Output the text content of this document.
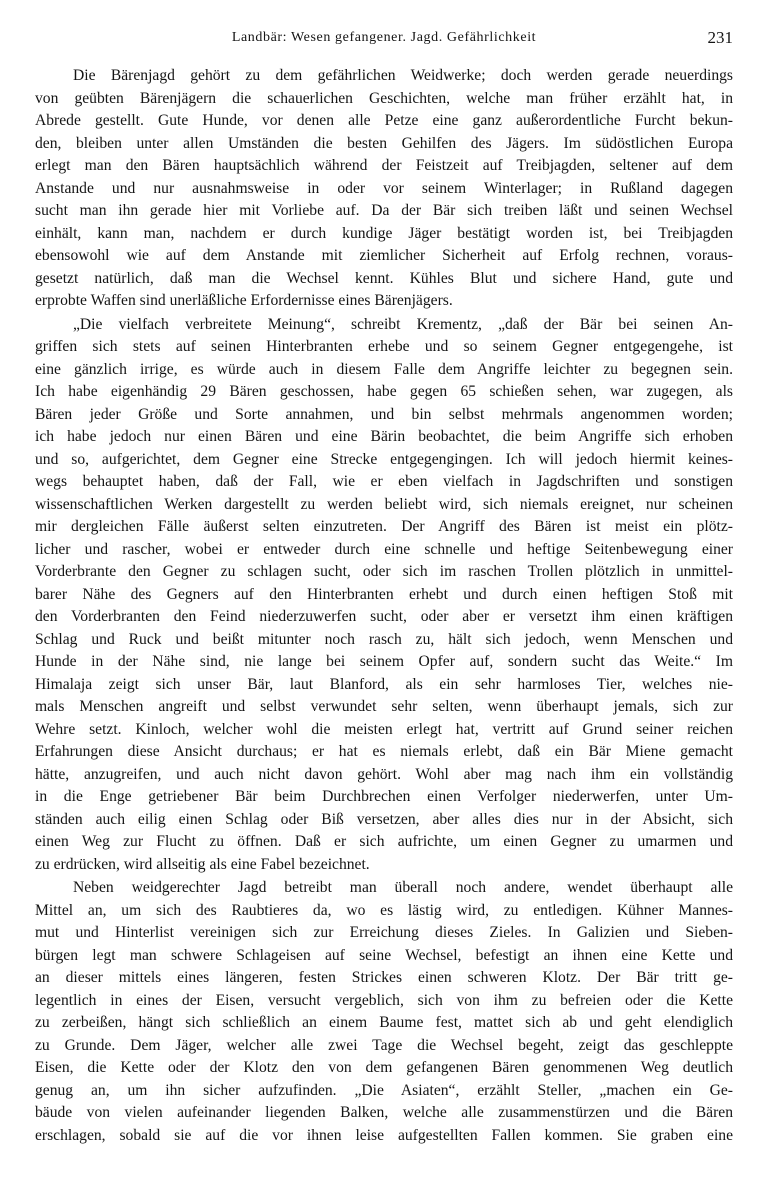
Landbär: Wesen gefangener. Jagd. Gefährlichkeit	231
Die Bärenjagd gehört zu dem gefährlichen Weidwerke; doch werden gerade neuerdings
von geübten Bärenjägern die schauerlichen Geschichten, welche man früher erzählt hat, in
Abrede gestellt. Gute Hunde, vor denen alle Petze eine ganz außerordentliche Furcht bekun-
den, bleiben unter allen Umständen die besten Gehilfen des Jägers. Im südöstlichen Europa
erlegt man den Bären hauptsächlich während der Feistzeit auf Treibjagden, seltener auf dem
Anstande und nur ausnahmsweise in oder vor seinem Winterlager; in Rußland dagegen
sucht man ihn gerade hier mit Vorliebe auf. Da der Bär sich treiben läßt und seinen Wechsel
einhält, kann man, nachdem er durch kundige Jäger bestätigt worden ist, bei Treibjagden
ebensowohl wie auf dem Anstande mit ziemlicher Sicherheit auf Erfolg rechnen, voraus-
gesetzt natürlich, daß man die Wechsel kennt. Kühles Blut und sichere Hand, gute und
erprobte Waffen sind unerläßliche Erfordernisse eines Bärenjägers.
„Die vielfach verbreitete Meinung“, schreibt Krementz, „daß der Bär bei seinen An-
griffen sich stets auf seinen Hinterbranten erhebe und so seinem Gegner entgegengehe, ist
eine gänzlich irrige, es würde auch in diesem Falle dem Angriffe leichter zu begegnen sein.
Ich habe eigenhändig 29 Bären geschossen, habe gegen 65 schießen sehen, war zugegen, als
Bären jeder Größe und Sorte annahmen, und bin selbst mehrmals angenommen worden;
ich habe jedoch nur einen Bären und eine Bärin beobachtet, die beim Angriffe sich erhoben
und so, aufgerichtet, dem Gegner eine Strecke entgegengingen. Ich will jedoch hiermit keines-
wegs behauptet haben, daß der Fall, wie er eben vielfach in Jagdschriften und sonstigen
wissenschaftlichen Werken dargestellt zu werden beliebt wird, sich niemals ereignet, nur scheinen
mir dergleichen Fälle äußerst selten einzutreten. Der Angriff des Bären ist meist ein plötz-
licher und rascher, wobei er entweder durch eine schnelle und heftige Seitenbewegung einer
Vorderbrante den Gegner zu schlagen sucht, oder sich im raschen Trollen plötzlich in unmittel-
barer Nähe des Gegners auf den Hinterbranten erhebt und durch einen heftigen Stoß mit
den Vorderbranten den Feind niederzuwerfen sucht, oder aber er versetzt ihm einen kräftigen
Schlag und Ruck und beißt mitunter noch rasch zu, hält sich jedoch, wenn Menschen und
Hunde in der Nähe sind, nie lange bei seinem Opfer auf, sondern sucht das Weite.“ Im
Himalaja zeigt sich unser Bär, laut Blanford, als ein sehr harmloses Tier, welches nie-
mals Menschen angreift und selbst verwundet sehr selten, wenn überhaupt jemals, sich zur
Wehre setzt. Kinloch, welcher wohl die meisten erlegt hat, vertritt auf Grund seiner reichen
Erfahrungen diese Ansicht durchaus; er hat es niemals erlebt, daß ein Bär Miene gemacht
hätte, anzugreifen, und auch nicht davon gehört. Wohl aber mag nach ihm ein vollständig
in die Enge getriebener Bär beim Durchbrechen einen Verfolger niederwerfen, unter Um-
ständen auch eilig einen Schlag oder Biß versetzen, aber alles dies nur in der Absicht, sich
einen Weg zur Flucht zu öffnen. Daß er sich aufrichte, um einen Gegner zu umarmen und
zu erdrücken, wird allseitig als eine Fabel bezeichnet.
Neben weidgerechter Jagd betreibt man überall noch andere, wendet überhaupt alle
Mittel an, um sich des Raubtieres da, wo es lästig wird, zu entledigen. Kühner Mannes-
mut und Hinterlist vereinigen sich zur Erreichung dieses Zieles. In Galizien und Sieben-
bürgen legt man schwere Schlageisen auf seine Wechsel, befestigt an ihnen eine Kette und
an dieser mittels eines längeren, festen Strickes einen schweren Klotz. Der Bär tritt ge-
legentlich in eines der Eisen, versucht vergeblich, sich von ihm zu befreien oder die Kette
zu zerbeißen, hängt sich schließlich an einem Baume fest, mattet sich ab und geht elendiglich
zu Grunde. Dem Jäger, welcher alle zwei Tage die Wechsel begeht, zeigt das geschleppte
Eisen, die Kette oder der Klotz den von dem gefangenen Bären genommenen Weg deutlich
genug an, um ihn sicher aufzufinden. „Die Asiaten“, erzählt Steller, „machen ein Ge-
bäude von vielen aufeinander liegenden Balken, welche alle zusammenstürzen und die Bären
erschlagen, sobald sie auf die vor ihnen leise aufgestellten Fallen kommen. Sie graben eine
